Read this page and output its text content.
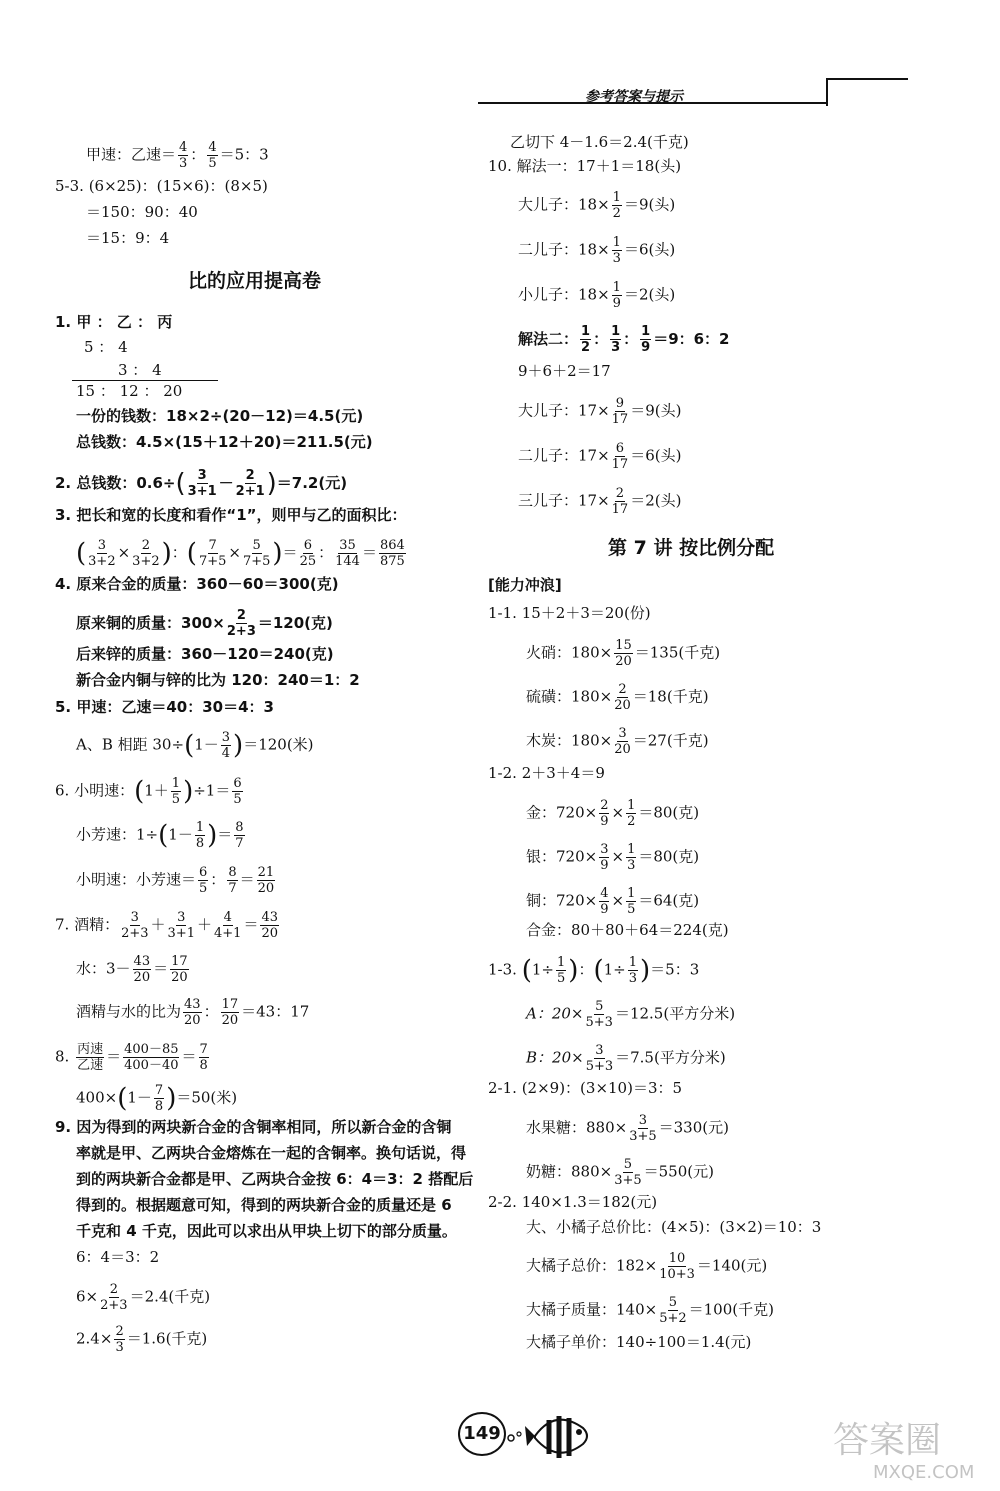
参考答案与提示
甲速：乙速＝ $\frac{4}{3}$ ： $\frac{4}{5} =5$：3
5-3. (6×25)：(15×6)：(8×5)
＝150：90：40
＝15：9：4
比的应用提高卷
1. 甲 ： 乙 ： 丙
5 ： 4
3 ： 4
15 ： 12 ： 20
一份的钱数：18×2÷(20－12)＝4.5(元)
总钱数：4.5×(15＋12＋20)＝211.5(元)
2. 总钱数：$0.6\div( \frac{3}{3+1} - \frac{2}{2+1} )=7.2$(元)
3. 把长和宽的长度和看作“1”，则甲与乙的面积比：
( $\frac{3}{3+2} \times \frac{2}{3+2}$ )：( $\frac{7}{7+5} \times \frac{5}{7+5}$ )＝ $\frac{6}{25}$ ： $\frac{35}{144} = \frac{864}{875}$
4. 原来合金的质量：360－60＝300(克)
原来铜的质量：$300\times \frac{2}{2+3} =120$(克)
后来锌的质量：360－120＝240(克)
新合金内铜与锌的比为 120：240＝1：2
5. 甲速：乙速＝40：30＝4：3
A、B 相距 $30\div(1- \frac{3}{4} )=120$(米)
6. 小明速：$(1+ \frac{1}{5} )\div 1= \frac{6}{5}$
小芳速：$1\div(1- \frac{1}{8}$ )＝ $\frac{8}{7}$
小明速：小芳速＝ $\frac{6}{5}$ ： $\frac{8}{7} = \frac{21}{20}$
7. 酒精： $\frac{3}{2+3} + \frac{3}{3+1} + \frac{4}{4+1} = \frac{43}{20}$
水：$3- \frac{43}{20} = \frac{17}{20}$
酒精与水的比为 $\frac{43}{20}$ ： $\frac{17}{20} =43$：17
8. 丙速
乙速 ＝ $\frac{400-85}{400-40} = \frac{7}{8}$
$400\times(1- \frac{7}{8} )=50$(米)
9. 因为得到的两块新合金的含铜率相同，所以新合金的含铜
率就是甲、乙两块合金熔炼在一起的含铜率。换句话说，得
到的两块新合金都是甲、乙两块合金按 6：4＝3：2 搭配后
得到的。根据题意可知，得到的两块新合金的质量还是 6
千克和 4 千克，因此可以求出从甲块上切下的部分质量。
6：4＝3：2
$6\times \frac{2}{2+3} =2.4$(千克)
$2.4\times \frac{2}{3} =1.6$(千克)
乙切下 4－1.6＝2.4(千克)
10. 解法一：17＋1＝18(头)
大儿子：$18\times \frac{1}{2} =9$(头)
二儿子：$18\times \frac{1}{3} =6$(头)
小儿子：$18\times \frac{1}{9} =2$(头)
解法二： $\frac{1}{2}$ ： $\frac{1}{3}$ ： $\frac{1}{9} =9$：6：2
9＋6＋2＝17
大儿子：$17\times \frac{9}{17} =9$(头)
二儿子：$17\times \frac{6}{17} =6$(头)
三儿子：$17\times \frac{2}{17} =2$(头)
第 7 讲 按比例分配
[能力冲浪]
1-1. 15＋2＋3＝20(份)
火硝：$180\times \frac{15}{20} =135$(千克)
硫磺：$180\times \frac{2}{20} =18$(千克)
木炭：$180\times \frac{3}{20} =27$(千克)
1-2. 2＋3＋4＝9
金：$720\times \frac{2}{9} \times \frac{1}{2} =80$(克)
银：$720\times \frac{3}{9} \times \frac{1}{3} =80$(克)
铜：$720\times \frac{4}{9} \times \frac{1}{5} =64$(克)
合金：80＋80＋64＝224(克)
1-3. ($1\div \frac{1}{5}$ )：$(1\div \frac{1}{3} )=5$：3
A：$20\times \frac{5}{5+3} =12.5$(平方分米)
B：$20\times \frac{3}{5+3} =7.5$(平方分米)
2-1. (2×9)：(3×10)＝3：5
水果糖：$880\times \frac{3}{3+5} =330$(元)
奶糖：$880\times \frac{5}{3+5} =550$(元)
2-2. 140×1.3＝182(元)
大、小橘子总价比：(4×5)：(3×2)＝10：3
大橘子总价：$182\times \frac{10}{10+3} =140$(元)
大橘子质量：$140\times \frac{5}{5+2} =100$(千克)
大橘子单价：140÷100＝1.4(元)
149	答案圈
MXQE.COM
